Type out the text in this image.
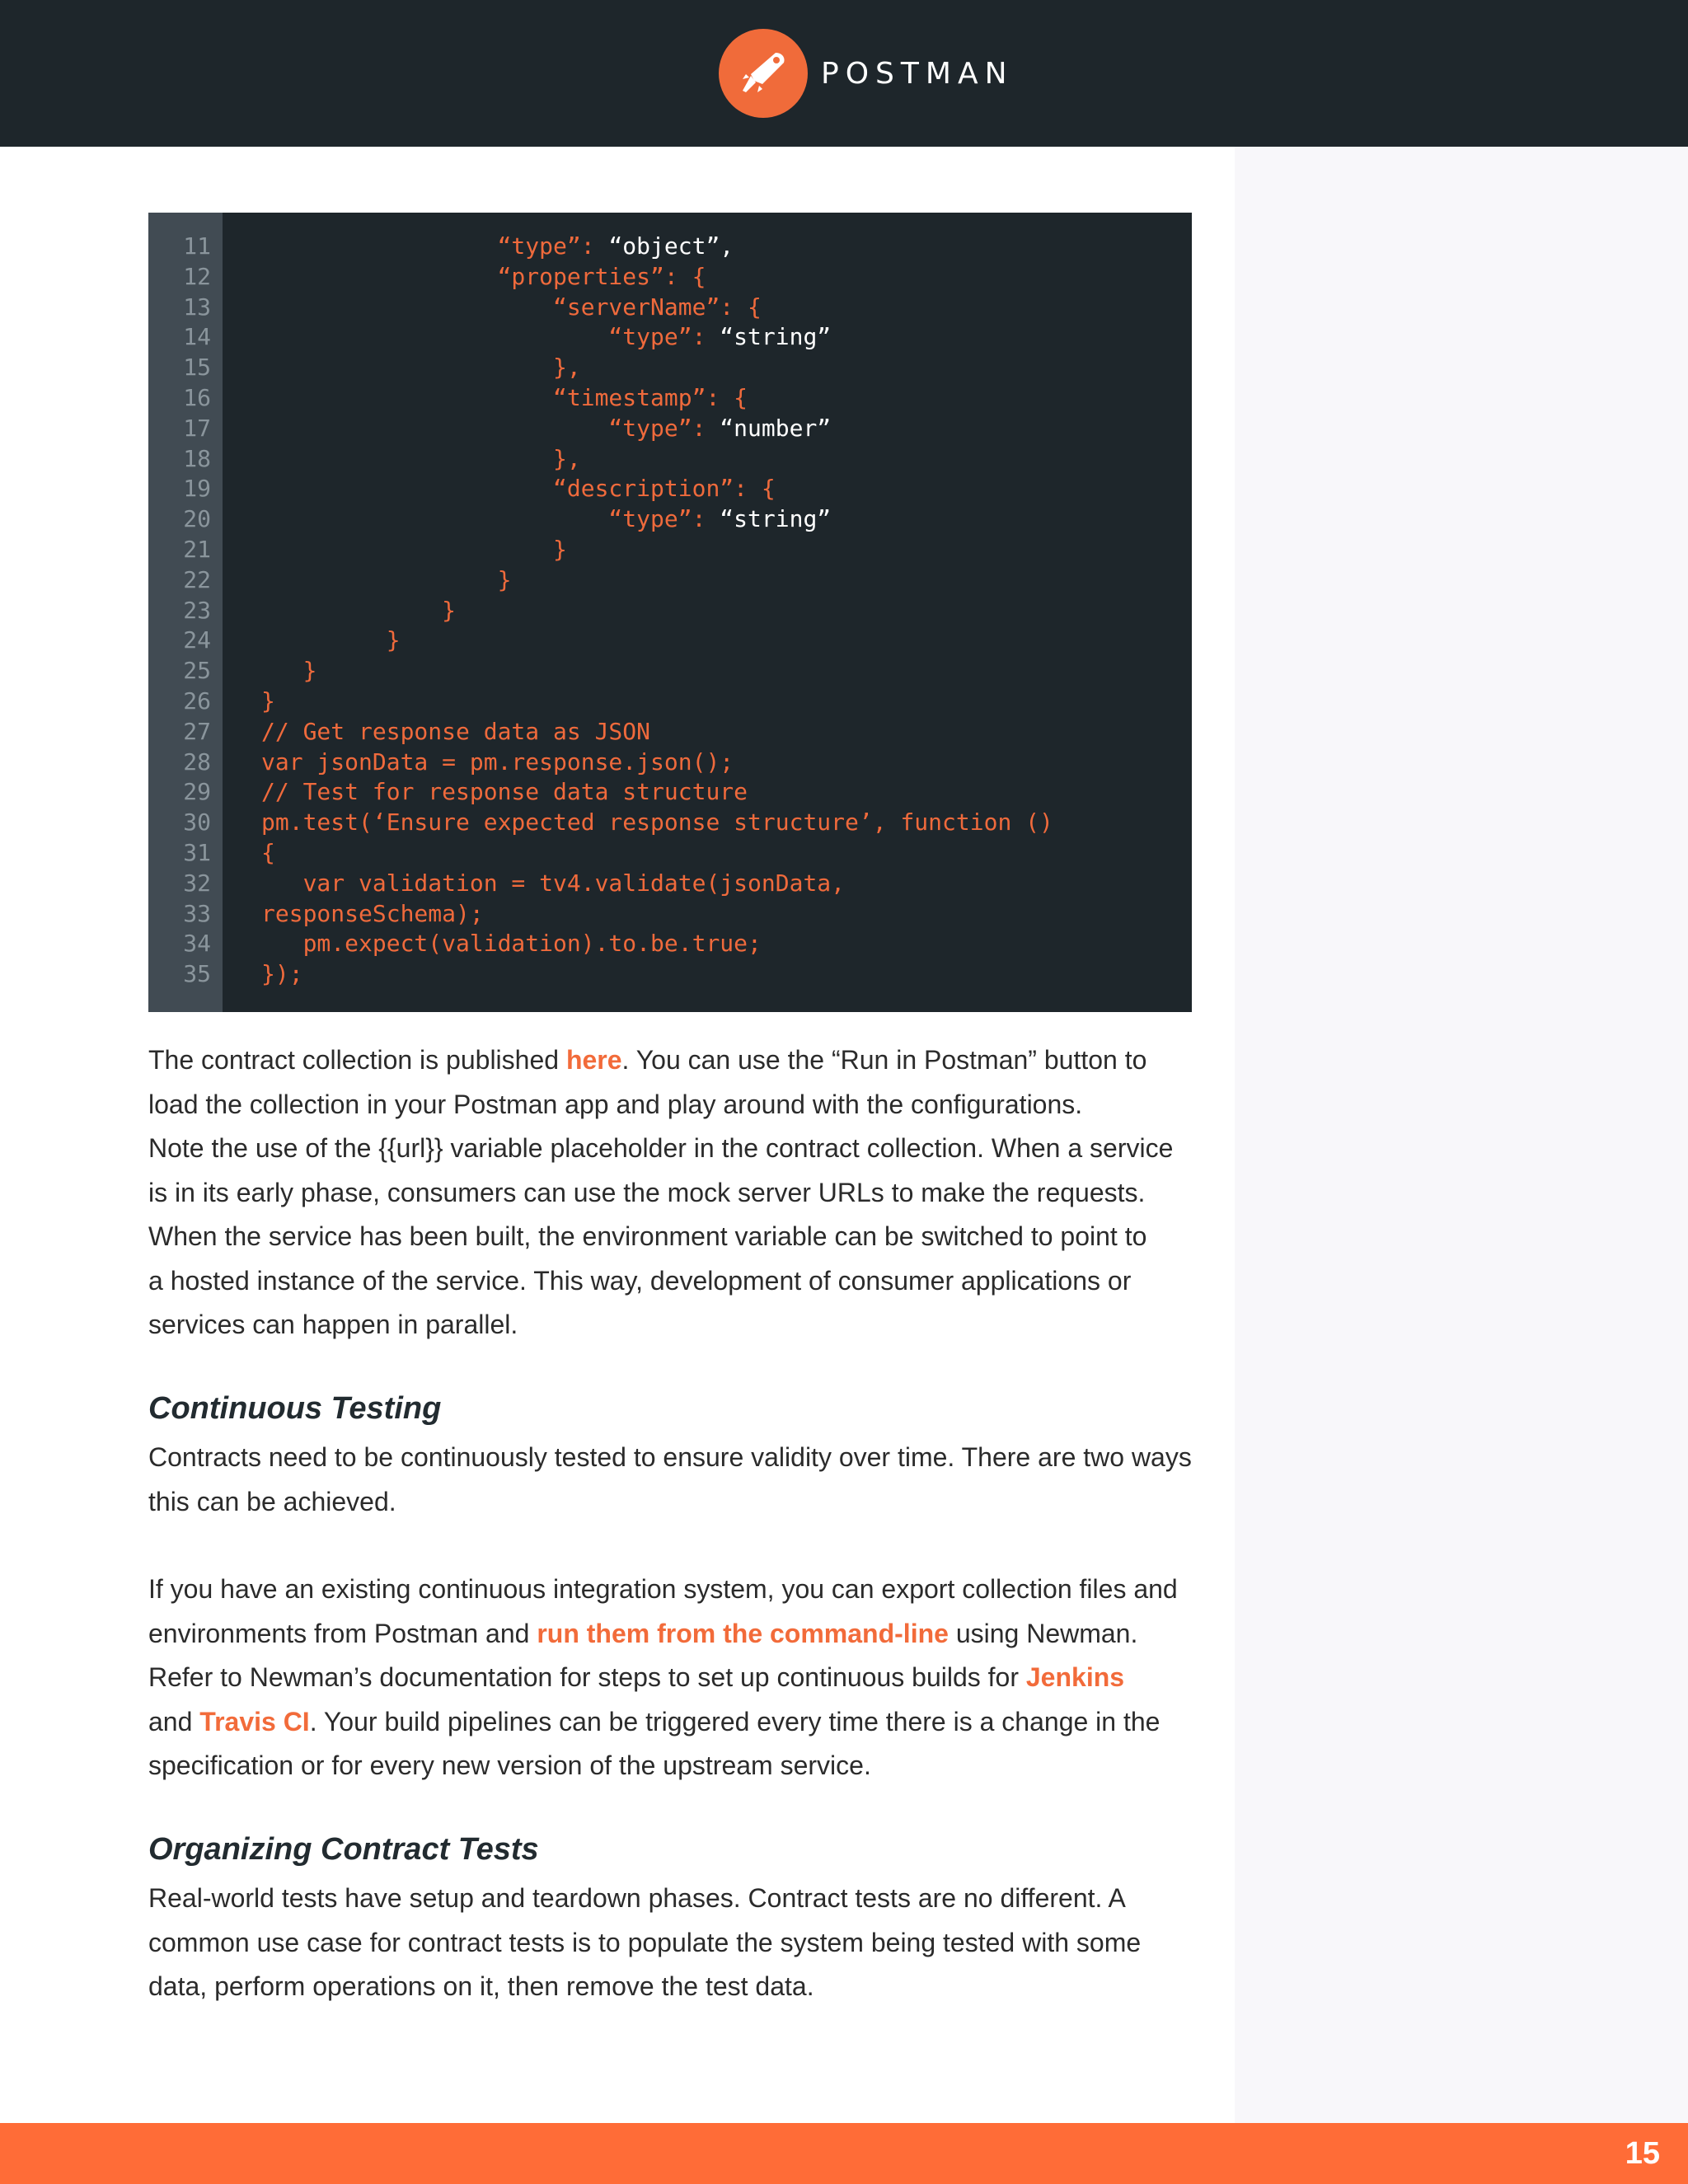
POSTMAN
11	“type”: “object”,
12 “properties”: {
13 “serverName”: {
14 “type”: “string”
15 },
16 “timestamp”: {
17 “type”: “number”
18 },
19 “description”: {
20 “type”: “string”
21 }
22 }
23 }
24 }
25 }
26 }
27 // Get response data as JSON
28 var jsonData = pm.response.json();
29 // Test for response data structure
30 pm.test(‘Ensure expected response structure’, function ()
31 {
32 var validation = tv4.validate(jsonData,
33 responseSchema);
34 pm.expect(validation).to.be.true;
35 });
The contract collection is published here. You can use the “Run in Postman” button to
load the collection in your Postman app and play around with the configurations.
Note the use of the {{url}} variable placeholder in the contract collection. When a service
is in its early phase, consumers can use the mock server URLs to make the requests.
When the service has been built, the environment variable can be switched to point to
a hosted instance of the service. This way, development of consumer applications or
services can happen in parallel.
Continuous Testing
Contracts need to be continuously tested to ensure validity over time. There are two ways
this can be achieved.
If you have an existing continuous integration system, you can export collection files and
environments from Postman and run them from the command-line using Newman.
Refer to Newman’s documentation for steps to set up continuous builds for Jenkins
and Travis CI. Your build pipelines can be triggered every time there is a change in the
specification or for every new version of the upstream service.
Organizing Contract Tests
Real-world tests have setup and teardown phases. Contract tests are no different. A
common use case for contract tests is to populate the system being tested with some
data, perform operations on it, then remove the test data.
15
